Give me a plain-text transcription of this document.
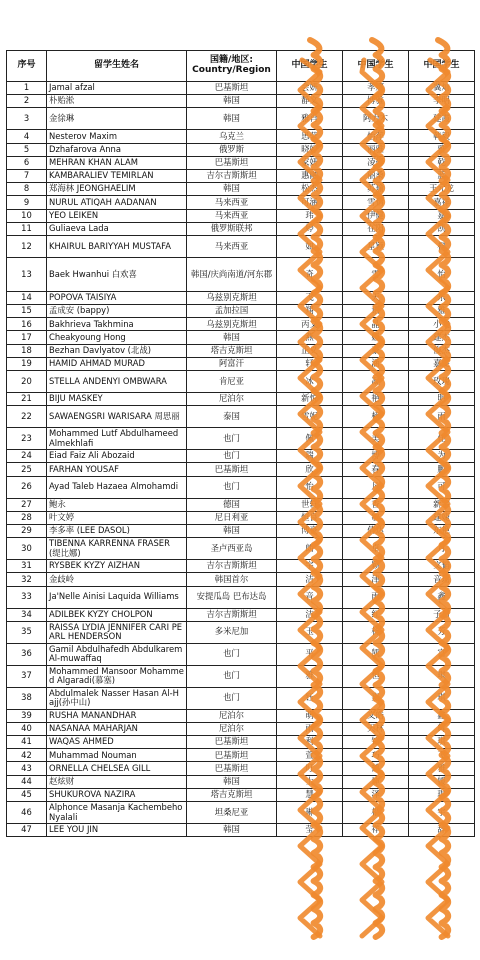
序号	留学生姓名	国籍/地区: Country/Region	中国学生	中国学生	中国学生
1	Jamal afzal	巴基斯坦	会妍	孝娜	冀灿
2	朴贻淞	韩国	静文	博雅	李明
3	金徐琳	韩国	雅肖	阿力木	建霞
4	Nesterov Maxim	乌克兰	思莹	怡萍	韩毅
5	Dzhafarova Anna	俄罗斯	晓婷	丽雅	雅
6	MEHRAN KHAN ALAM	巴基斯坦	家妍	凌辉	乾
7	KAMBARALIEV TEMIRLAN	吉尔吉斯斯坦	惠融	丽桑	蓝
8	郑海林 JEONGHAELIM	韩国	松杰	苏瑜	王元龙
9	NURUL ATIQAH AADANAN	马来西亚	可涵	雪倩	嘉祥
10	YEO LEIKEN	马来西亚	玮	伊健	嘉
11	Guliaeva Lada	俄罗斯联邦	婷	在阳	凯
12	KHAIRUL BARIYYAH MUSTAFA	马来西亚	如	星颖	桐
13	Baek Hwanhui 白欢喜	韩国/庆尚南道/河东郡	奇	雪	怡
14	POPOVA TAISIYA	乌兹别克斯坦	飞	天	东
15	孟成安 (bappy)	孟加拉国	翔	语	雅
16	Bakhrieva Takhmina	乌兹别克斯坦	丙文	晶	小飞
17	Cheakyoung Hong	韩国	燕	媛	建杰
18	Bezhan Davlyatov (北战)	塔吉克斯坦	正义	豪	俊杰
19	HAMID AHMAD MURAD	阿富汗	轩	涵	嘉雯
20	STELLA ANDENYI OMBWARA	肯尼亚	冰	凝	玫瑰
21	BIJU MASKEY	尼泊尔	新悦	艳	明
22	SAWAENGSRI WARISARA 周思丽	泰国	雪妮	楠	雨
23	Mohammed Lutf Abdulhameed Almekhlafi	也门	佩	美	佳
24	Eiad Faiz Ali Abozaid	也门	瑞	博	为
25	FARHAN YOUSAF	巴基斯坦	欣	春	鹏
26	Ayad Taleb Hazaea Almohamdi	也门	怡	凡	可
27	鲍永	德国	世轩	香	新宇
28	叶文婷	尼日利亚	恒良	敏	建婕
29	李多率 (LEE DASOL)	韩国	博豪	倩达	东艳
30	TIBENNA KARRENNA FRASER (缇比娜)	圣卢西亚岛	朗	卓	月
31	RYSBEK KYZY AIZHAN	吉尔吉斯斯坦	宇	颖	文韬
32	金歧岭	韩国首尔	洁	津	音瑶
33	Ja'Nelle Ainisi Laquida Williams	安提瓜岛 巴布达岛	音	雨	鑫
34	ADILBEK KYZY CHOLPON	吉尔吉斯斯坦	洁	红	子昂
35	RAISSA LYDIA JENNIFER CARI PEARL HENDERSON	多米尼加	玉	杨	芳
36	Gamil Abdulhafedh Abdulkarem Al-muwaffaq	也门	平	凯	富
37	Mohammed Mansoor Mohammed Algaradi(慕塞)	也门	雅	恒	琪
38	Abdulmalek Nasser Hasan Al-Hajj(孙中山)	也门	钰	嘉	琪
39	RUSHA MANANDHAR	尼泊尔	萌	文皓	鑫
40	NASANAA MAHARJAN	尼泊尔	雨	天林	辉
41	WAQAS AHMED	巴基斯坦	利	钧	琪
42	Muhammad Nouman	巴基斯坦	萱	巧	飞
43	ORNELLA CHELSEA GILL	巴基斯坦	叮	鹤	雅
44	赵炫财	韩国	士	坤	媛
45	SHUKUROVA NAZIRA	塔吉克斯坦	慧	泽	琪
46	Alphonce Masanja Kachembeho Nyalali	坦桑尼亚	琳	楷	宇
47	LEE YOU JIN	韩国	莹	祥	辞
